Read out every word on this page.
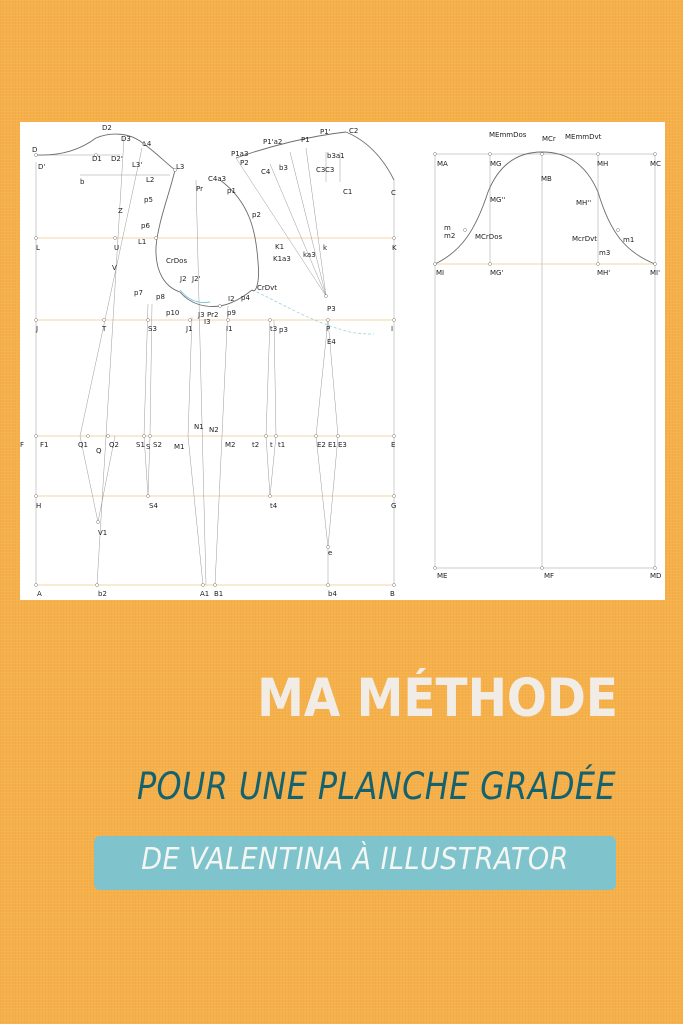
D2
D3
L4
D
D1
D'
D2'
L3'	L3
b	L2
Z
p5
p6
L1
L	U
V
CrDos
J2 J2'
p7 p8
p10	J3 Pr2
I3
p9
I2 p4
CrDvt
Pr
C4a3
P1a3
P2
C4
P1'a2	P1
P1'	C2
b3
b3a1
C3 C3
C1	C
p1
p2
K1
K1a3 ka3
k	K
P3
J	T	S3	J1	I1	t3 p3	P	I
E4
N1 N2
F F1	Q1
Q
Q2 S1 S S2 M1	M2 t2 t t1	E2 E1 E3	E
H	S4	t4	G
V1
e
A	b2	A1 B1	b4	B
MEmmDos MCr MEmmDvt
MA	MG
MB
MH	MC
MG''	MH''
m
m2	MCrDos	McrDvt	m1
m3
MI	MG'	MH'	MI'
ME	MF	MD
MA MÉTHODE
POUR UNE PLANCHE GRADÉE
DE VALENTINA À ILLUSTRATOR
